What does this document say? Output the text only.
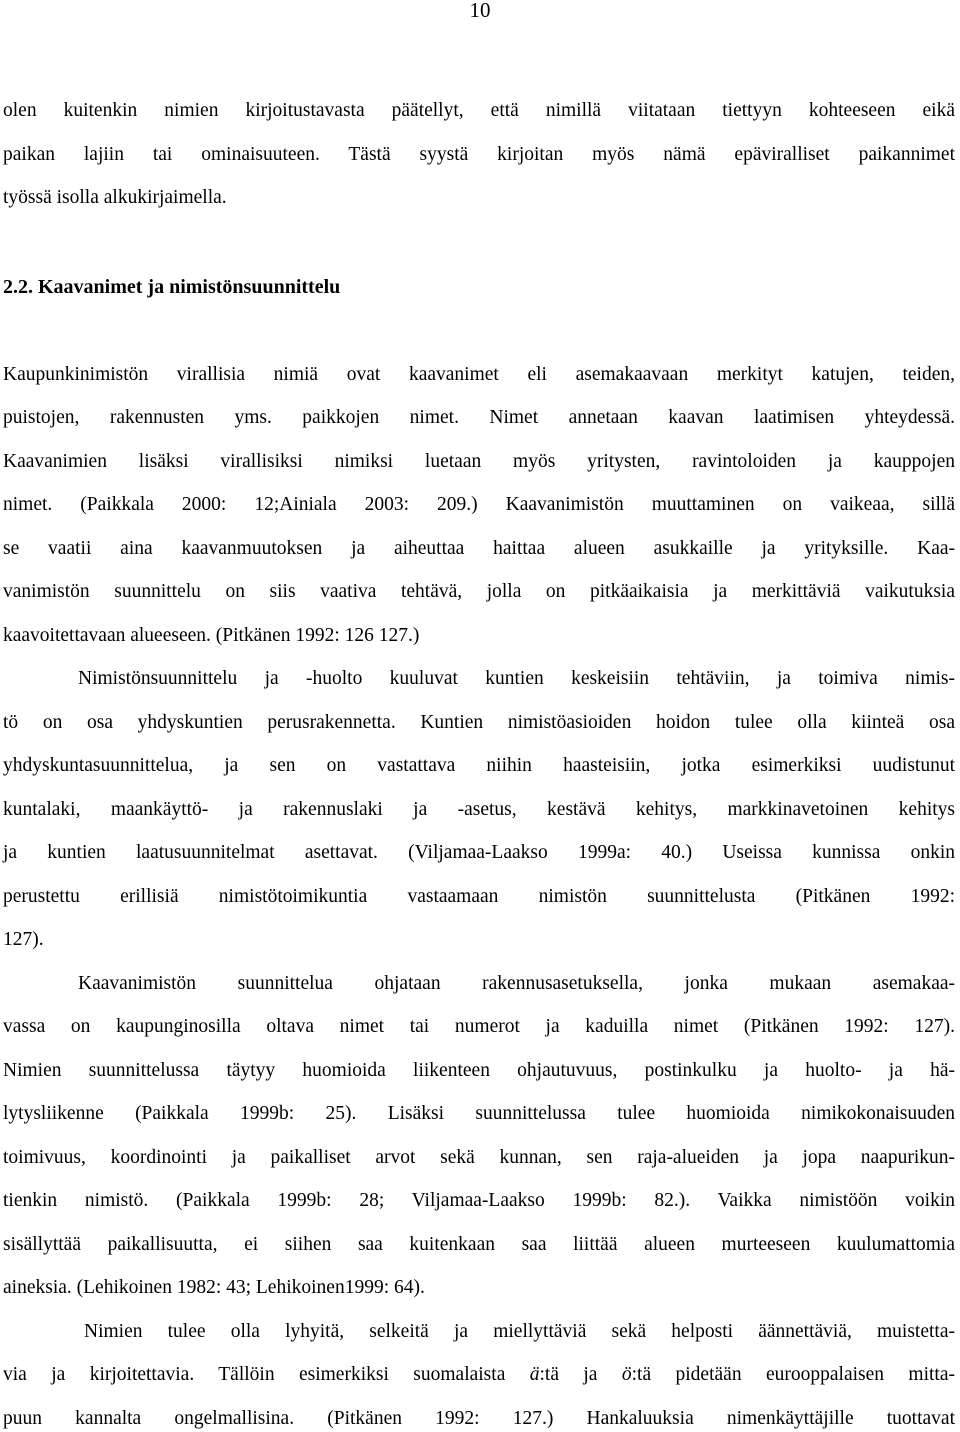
10
olen kuitenkin nimien kirjoitustavasta päätellyt, että nimillä viitataan tiettyyn kohteeseen eikä
paikan lajiin tai ominaisuuteen. Tästä syystä kirjoitan myös nämä epäviralliset paikannimet
työssä isolla alkukirjaimella.
2.2. Kaavanimet ja nimistönsuunnittelu
Kaupunkinimistön virallisia nimiä ovat kaavanimet eli asemakaavaan merkityt katujen, teiden,
puistojen, rakennusten yms. paikkojen nimet. Nimet annetaan kaavan laatimisen yhteydessä.
Kaavanimien lisäksi virallisiksi nimiksi luetaan myös yritysten, ravintoloiden ja kauppojen
nimet. (Paikkala 2000: 12;Ainiala 2003: 209.) Kaavanimistön muuttaminen on vaikeaa, sillä
se vaatii aina kaavanmuutoksen ja aiheuttaa haittaa alueen asukkaille ja yrityksille. Kaa-
vanimistön suunnittelu on siis vaativa tehtävä, jolla on pitkäaikaisia ja merkittäviä vaikutuksia
kaavoitettavaan alueeseen. (Pitkänen 1992: 126 127.)
Nimistönsuunnittelu ja -huolto kuuluvat kuntien keskeisiin tehtäviin, ja toimiva nimis-
tö on osa yhdyskuntien perusrakennetta. Kuntien nimistöasioiden hoidon tulee olla kiinteä osa
yhdyskuntasuunnittelua, ja sen on vastattava niihin haasteisiin, jotka esimerkiksi uudistunut
kuntalaki, maankäyttö- ja rakennuslaki ja -asetus, kestävä kehitys, markkinavetoinen kehitys
ja kuntien laatusuunnitelmat asettavat. (Viljamaa-Laakso 1999a: 40.) Useissa kunnissa onkin
perustettu erillisiä nimistötoimikuntia vastaamaan nimistön suunnittelusta (Pitkänen 1992:
127).
Kaavanimistön suunnittelua ohjataan rakennusasetuksella, jonka mukaan asemakaa-
vassa on kaupunginosilla oltava nimet tai numerot ja kaduilla nimet (Pitkänen 1992: 127).
Nimien suunnittelussa täytyy huomioida liikenteen ohjautuvuus, postinkulku ja huolto- ja hä-
lytysliikenne (Paikkala 1999b: 25). Lisäksi suunnittelussa tulee huomioida nimikokonaisuuden
toimivuus, koordinointi ja paikalliset arvot sekä kunnan, sen raja-alueiden ja jopa naapurikun-
tienkin nimistö. (Paikkala 1999b: 28; Viljamaa-Laakso 1999b: 82.). Vaikka nimistöön voikin
sisällyttää paikallisuutta, ei siihen saa kuitenkaan saa liittää alueen murteeseen kuulumattomia
aineksia. (Lehikoinen 1982: 43; Lehikoinen1999: 64).
Nimien tulee olla lyhyitä, selkeitä ja miellyttäviä sekä helposti äännettäviä, muistetta-
via ja kirjoitettavia. Tällöin esimerkiksi suomalaista ä:tä ja ö:tä pidetään eurooppalaisen mitta-
puun kannalta ongelmallisina. (Pitkänen 1992: 127.) Hankaluuksia nimenkäyttäjille tuottavat
